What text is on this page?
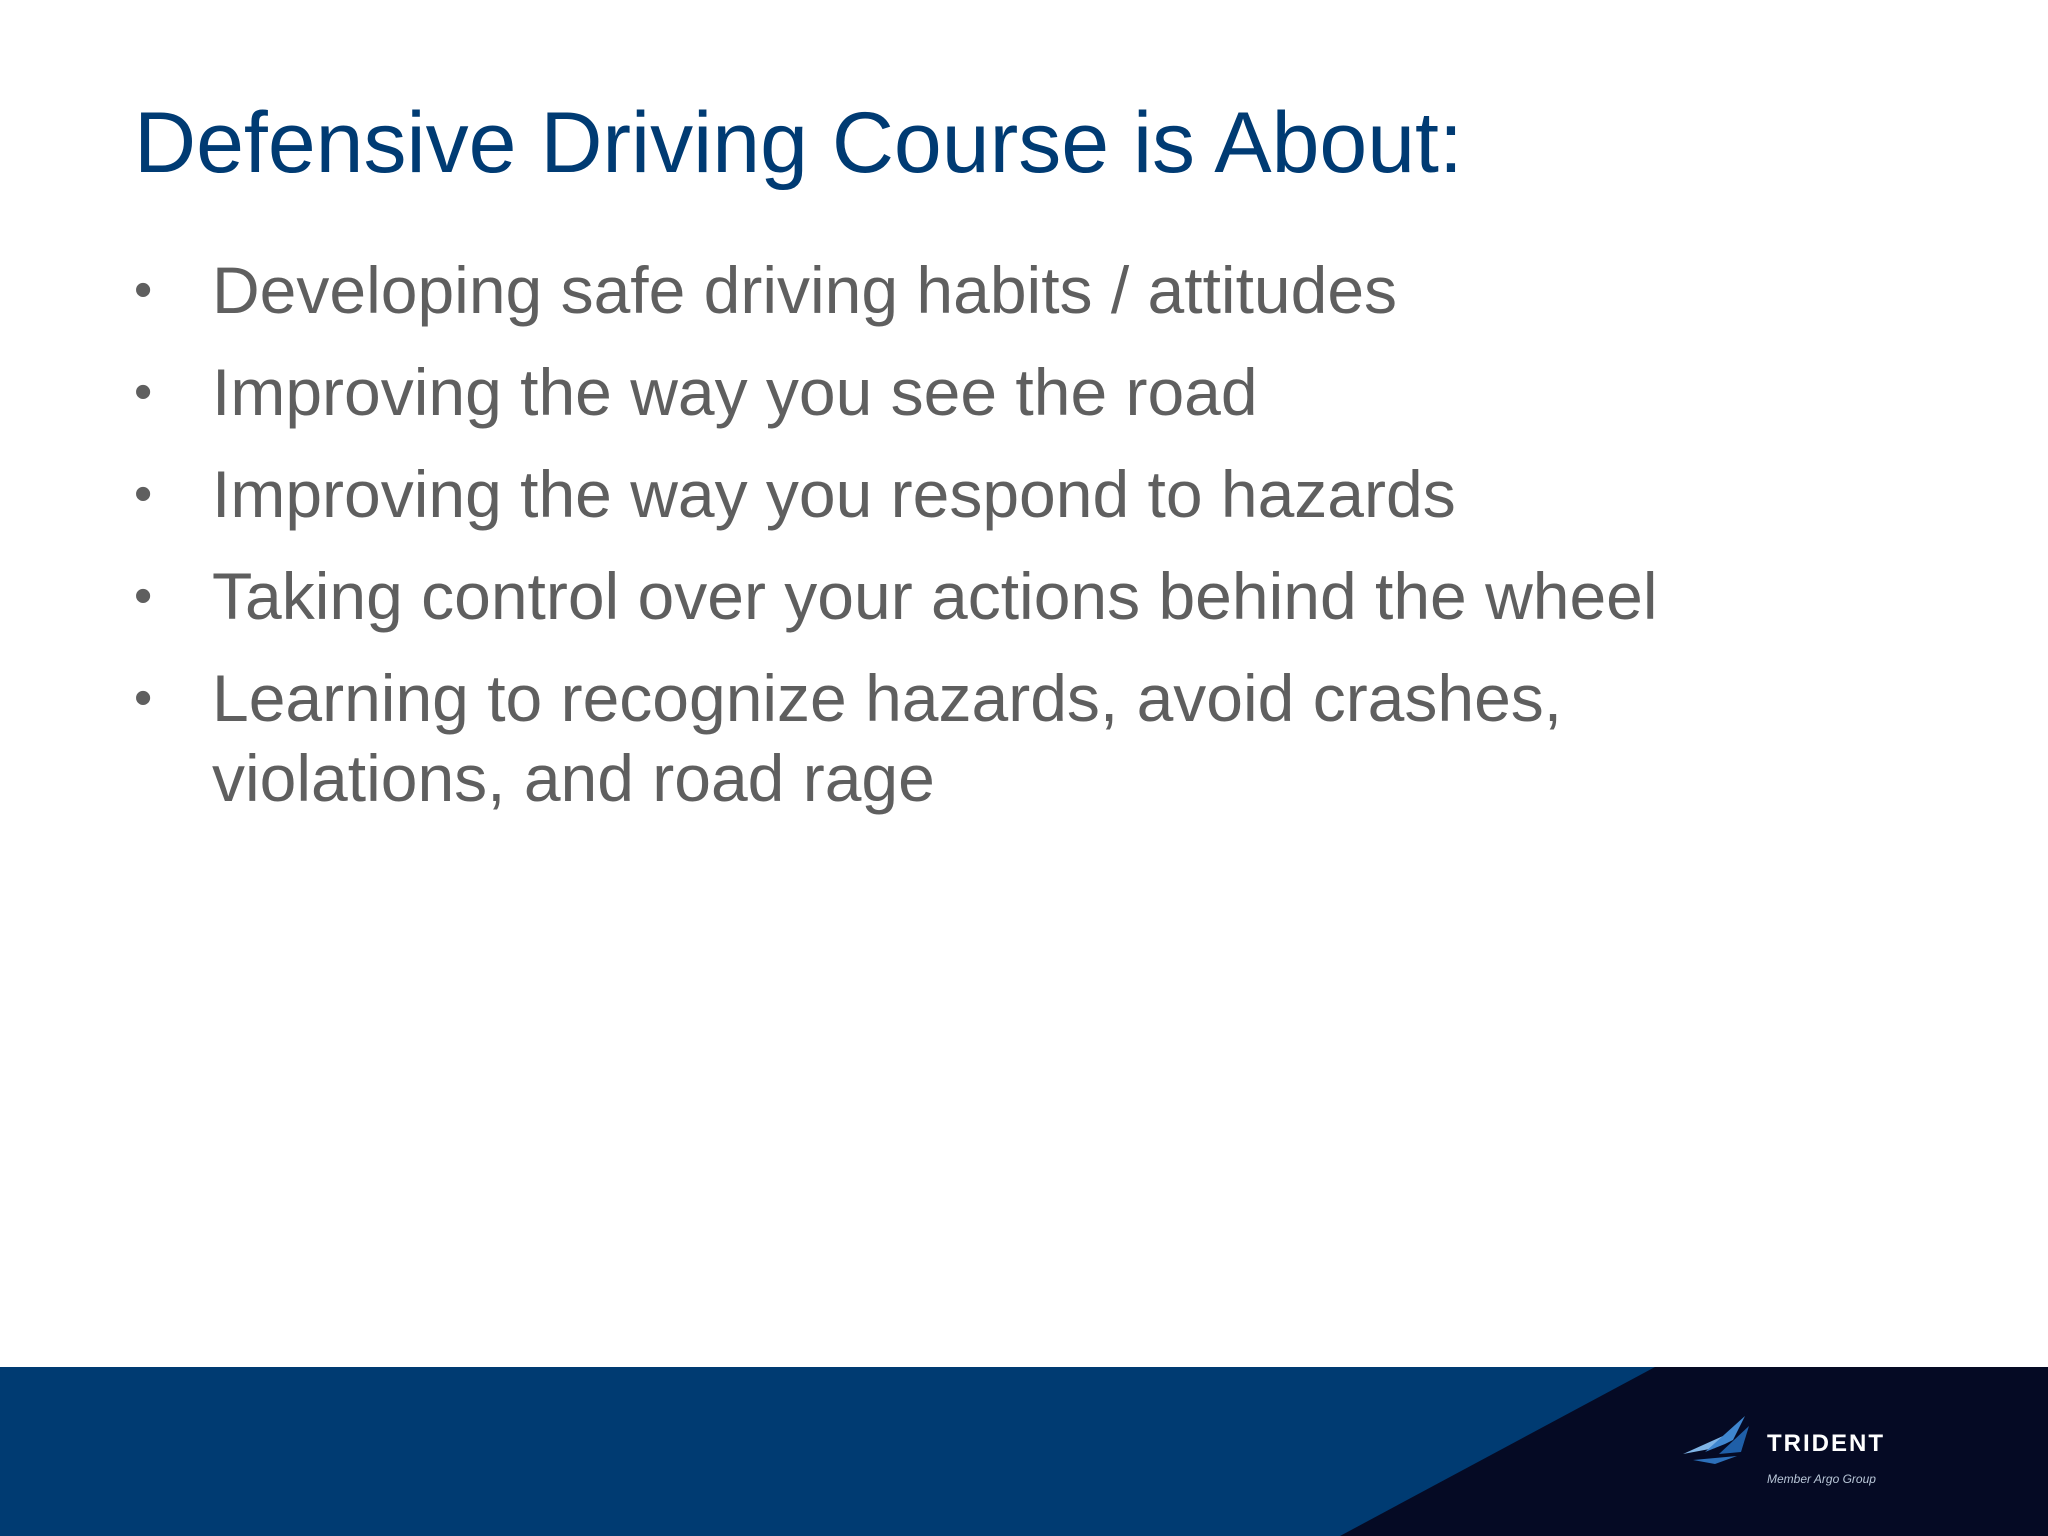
Defensive Driving Course is About:
• Developing safe driving habits / attitudes
• Improving the way you see the road
• Improving the way you respond to hazards
• Taking control over your actions behind the wheel
• Learning to recognize hazards, avoid crashes, violations, and road rage
TRIDENT
Member Argo Group
